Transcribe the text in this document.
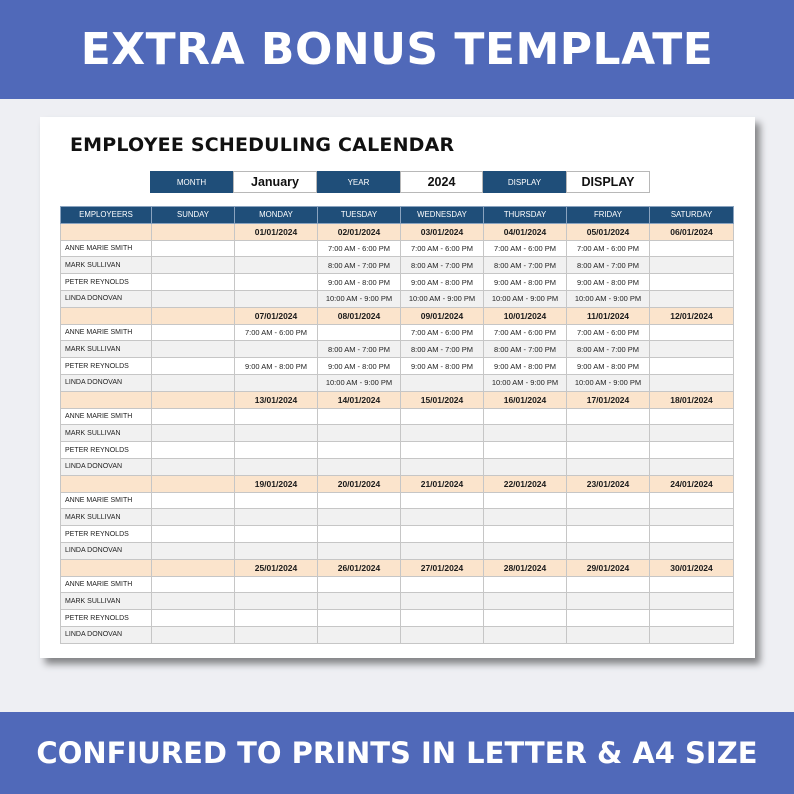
EXTRA BONUS TEMPLATE
EMPLOYEE SCHEDULING CALENDAR
MONTH	January	YEAR	2024	DISPLAY	DISPLAY
EMPLOYEERS	SUNDAY	MONDAY	TUESDAY	WEDNESDAY	THURSDAY	FRIDAY	SATURDAY
		01/01/2024	02/01/2024	03/01/2024	04/01/2024	05/01/2024	06/01/2024
ANNE MARIE SMITH			7:00 AM - 6:00 PM	7:00 AM - 6:00 PM	7:00 AM - 6:00 PM	7:00 AM - 6:00 PM	
MARK SULLIVAN			8:00 AM - 7:00 PM	8:00 AM - 7:00 PM	8:00 AM - 7:00 PM	8:00 AM - 7:00 PM	
PETER REYNOLDS			9:00 AM - 8:00 PM	9:00 AM - 8:00 PM	9:00 AM - 8:00 PM	9:00 AM - 8:00 PM	
LINDA DONOVAN			10:00 AM - 9:00 PM	10:00 AM - 9:00 PM	10:00 AM - 9:00 PM	10:00 AM - 9:00 PM	
		07/01/2024	08/01/2024	09/01/2024	10/01/2024	11/01/2024	12/01/2024
ANNE MARIE SMITH		7:00 AM - 6:00 PM		7:00 AM - 6:00 PM	7:00 AM - 6:00 PM	7:00 AM - 6:00 PM	
MARK SULLIVAN			8:00 AM - 7:00 PM	8:00 AM - 7:00 PM	8:00 AM - 7:00 PM	8:00 AM - 7:00 PM	
PETER REYNOLDS		9:00 AM - 8:00 PM	9:00 AM - 8:00 PM	9:00 AM - 8:00 PM	9:00 AM - 8:00 PM	9:00 AM - 8:00 PM	
LINDA DONOVAN			10:00 AM - 9:00 PM		10:00 AM - 9:00 PM	10:00 AM - 9:00 PM	
		13/01/2024	14/01/2024	15/01/2024	16/01/2024	17/01/2024	18/01/2024
ANNE MARIE SMITH							
MARK SULLIVAN							
PETER REYNOLDS							
LINDA DONOVAN							
		19/01/2024	20/01/2024	21/01/2024	22/01/2024	23/01/2024	24/01/2024
ANNE MARIE SMITH							
MARK SULLIVAN							
PETER REYNOLDS							
LINDA DONOVAN							
		25/01/2024	26/01/2024	27/01/2024	28/01/2024	29/01/2024	30/01/2024
ANNE MARIE SMITH							
MARK SULLIVAN							
PETER REYNOLDS							
LINDA DONOVAN							
CONFIURED TO PRINTS IN LETTER & A4 SIZE
